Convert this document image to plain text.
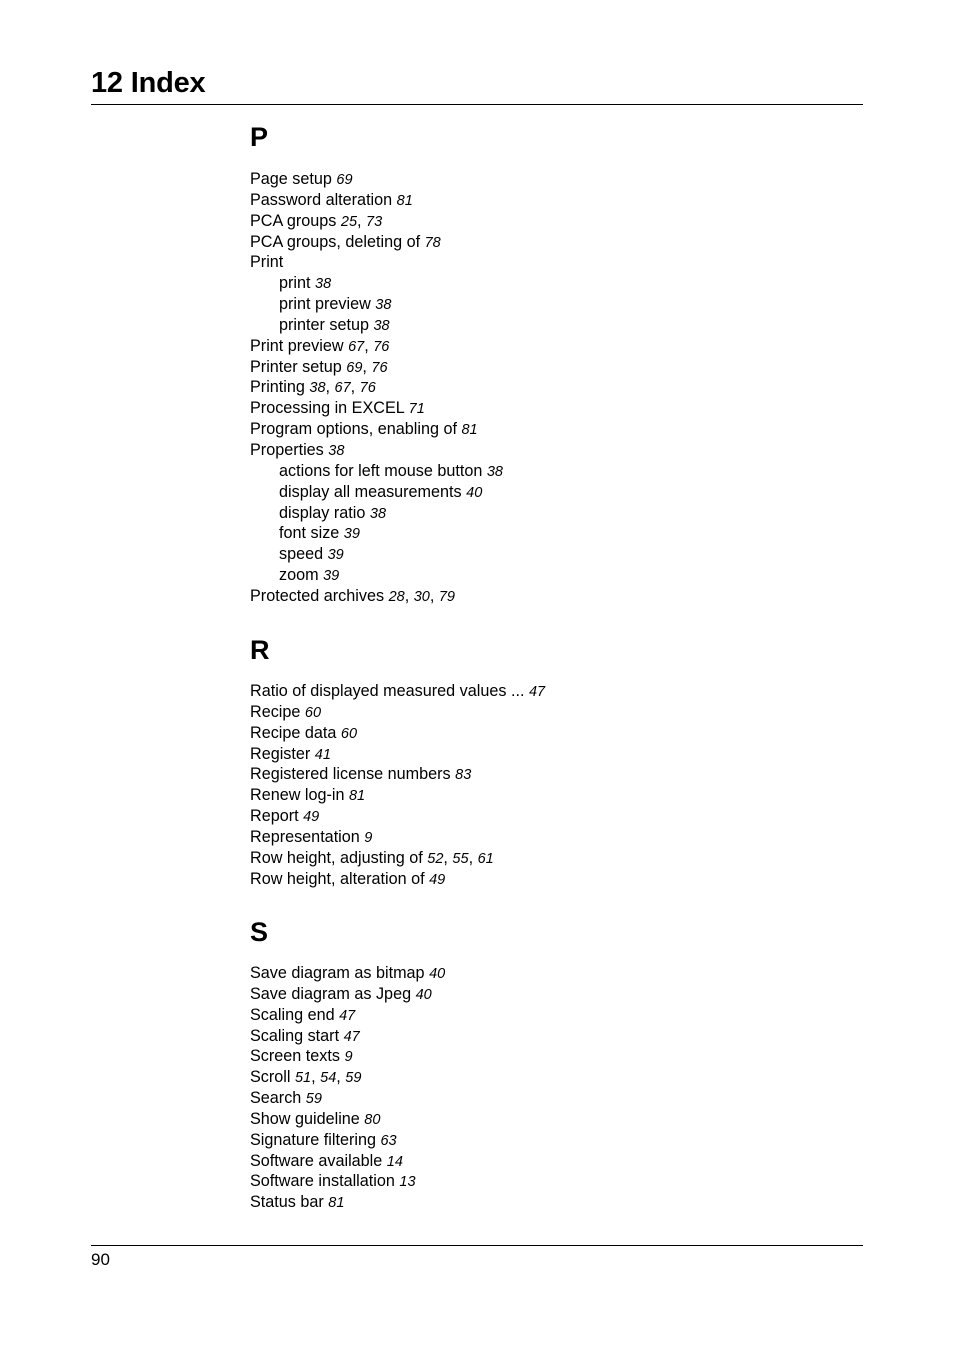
12 Index
P
Page setup 69
Password alteration 81
PCA groups 25, 73
PCA groups, deleting of 78
Print
print 38
print preview 38
printer setup 38
Print preview 67, 76
Printer setup 69, 76
Printing 38, 67, 76
Processing in EXCEL 71
Program options, enabling of 81
Properties 38
actions for left mouse button 38
display all measurements 40
display ratio 38
font size 39
speed 39
zoom 39
Protected archives 28, 30, 79
R
Ratio of displayed measured values ... 47
Recipe 60
Recipe data 60
Register 41
Registered license numbers 83
Renew log-in 81
Report 49
Representation 9
Row height, adjusting of 52, 55, 61
Row height, alteration of 49
S
Save diagram as bitmap 40
Save diagram as Jpeg 40
Scaling end 47
Scaling start 47
Screen texts 9
Scroll 51, 54, 59
Search 59
Show guideline 80
Signature filtering 63
Software available 14
Software installation 13
Status bar 81
90
